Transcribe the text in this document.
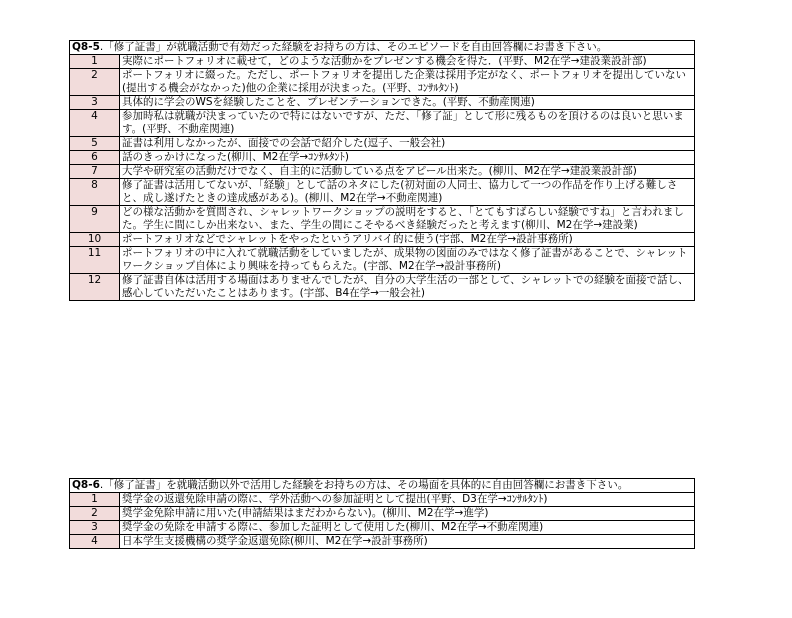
Q8-5.「修了証書」が就職活動で有効だった経験をお持ちの方は、そのエピソードを自由回答欄にお書き下さい。	
1	実際にポートフォリオに載せて，どのような活動かをプレゼンする機会を得た．(平野、M2在学→建設業設計部)
2	ポートフォリオに綴った。ただし、ポートフォリオを提出した企業は採用予定がなく、ポートフォリオを提出していない(提出する機会がなかった)他の企業に採用が決まった。(平野、ｺﾝｻﾙﾀﾝﾄ)
3	具体的に学会のWSを経験したことを、プレゼンテーションできた。(平野、不動産関連)
4	参加時私は就職が決まっていたので特にはないですが、ただ、「修了証」として形に残るものを頂けるのは良いと思います。(平野、不動産関連)
5	証書は利用しなかったが、面接での会話で紹介した(逗子、一般会社)
6	話のきっかけになった(柳川、M2在学→ｺﾝｻﾙﾀﾝﾄ)
7	大学や研究室の活動だけでなく、自主的に活動している点をアピール出来た。(柳川、M2在学→建設業設計部)
8	修了証書は活用してないが、「経験」として話のネタにした(初対面の人同士、協力して一つの作品を作り上げる難しさと、成し遂げたときの達成感がある)。(柳川、M2在学→不動産関連)
9	どの様な活動かを質問され、シャレットワークショップの説明をすると、「とてもすばらしい経験ですね」と言われました。学生に間にしか出来ない、また、学生の間にこそやるべき経験だったと考えます(柳川、M2在学→建設業)
10	ポートフォリオなどでシャレットをやったというアリバイ的に使う(宇部、M2在学→設計事務所)
11	ポートフォリオの中に入れて就職活動をしていましたが、成果物の図面のみではなく修了証書があることで、シャレットワークショップ自体により興味を持ってもらえた。(宇部、M2在学→設計事務所)
12	修了証書自体は活用する場面はありませんでしたが、自分の大学生活の一部として、シャレットでの経験を面接で話し、感心していただいたことはあります。(宇部、B4在学→一般会社)
Q8-6.「修了証書」を就職活動以外で活用した経験をお持ちの方は、その場面を具体的に自由回答欄にお書き下さい。	
1	奨学金の返還免除申請の際に、学外活動への参加証明として提出(平野、D3在学→ｺﾝｻﾙﾀﾝﾄ)
2	奨学金免除申請に用いた(申請結果はまだわからない)。(柳川、M2在学→進学)
3	奨学金の免除を申請する際に、参加した証明として使用した(柳川、M2在学→不動産関連)
4	日本学生支援機構の奨学金返還免除(柳川、M2在学→設計事務所)
